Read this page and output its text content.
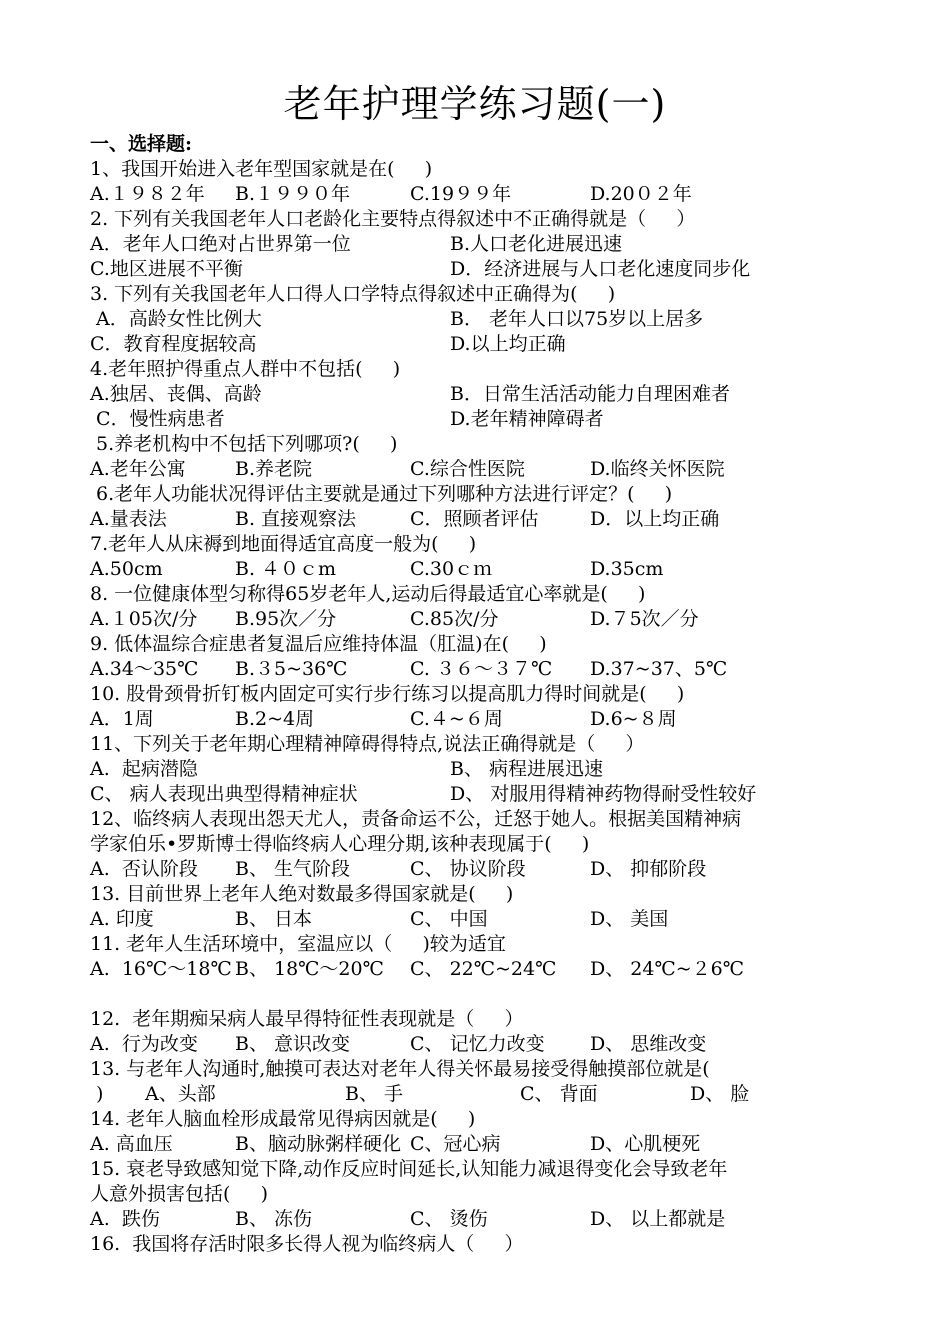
老年护理学练习题(一)
一、选择题:
1、我国开始进入老年型国家就是在(     )
A.１９８２年 B.１９９０年	C.19９９年	D.20０２年
2. 下列有关我国老年人口老龄化主要特点得叙述中不正确得就是（     ）
A．老年人口绝对占世界第一位	B.人口老化进展迅速
C.地区进展不平衡	D．经济进展与人口老化速度同步化
3. 下列有关我国老年人口得人口学特点得叙述中正确得为(     )
A．高龄女性比例大	B． 老年人口以75岁以上居多
C．教育程度据较高	D.以上均正确
4.老年照护得重点人群中不包括(     )
A.独居、丧偶、高龄	B．日常生活活动能力自理困难者
C．慢性病患者	D.老年精神障碍者
5.养老机构中不包括下列哪项?(     )
A.老年公寓	B.养老院	C.综合性医院	D.临终关怀医院
6.老年人功能状况得评估主要就是通过下列哪种方法进行评定？(     )
A.量表法	B. 直接观察法	C．照顾者评估	D．以上均正确
7.老年人从床褥到地面得适宜高度一般为(     )
A.50cm	B. ４０ｃm	C.30ｃｍ	D.35cm
8. 一位健康体型匀称得65岁老年人,运动后得最适宜心率就是(     )
A.１05次/分 B.95次／分	C.85次/分	D.７5次／分
9. 低体温综合症患者复温后应维持体温（肛温)在(     )
A.34～35℃ B.３5~36℃	C. ３６～３７℃ D.37~37、5℃
10. 股骨颈骨折钉板内固定可实行步行练习以提高肌力得时间就是(     )
A．1周	B.2~4周	C.４~６周	D.6~８周
11、下列关于老年期心理精神障碍得特点,说法正确得就是（     ）
A.  起病潜隐	B、 病程进展迅速
C、 病人表现出典型得精神症状	D、 对服用得精神药物得耐受性较好
12、临终病人表现出怨天尤人，责备命运不公，迁怒于她人。根据美国精神病
学家伯乐•罗斯博士得临终病人心理分期,该种表现属于(     )
A.  否认阶段 B、 生气阶段	C、 协议阶段	D、 抑郁阶段
13. 目前世界上老年人绝对数最多得国家就是(     )
A. 印度	B、 日本	C、 中国	D、 美国
11. 老年人生活环境中，室温应以（     )较为适宜
A.  16℃～18℃ B、 18℃～20℃ C、 22℃~24℃ D、 24℃~２6℃
12.  老年期痴呆病人最早得特征性表现就是（     ）
A.  行为改变 B、 意识改变	C、 记忆力改变 D、 思维改变
13. 与老年人沟通时,触摸可表达对老年人得关怀最易接受得触摸部位就是(
) A、头部	B、 手	C、 背面	D、 脸
14. 老年人脑血栓形成最常见得病因就是(     )
A. 高血压	B、脑动脉粥样硬化 C、冠心病	D、心肌梗死
15. 衰老导致感知觉下降,动作反应时间延长,认知能力减退得变化会导致老年
人意外损害包括(     )
A.  跌伤	B、 冻伤	C、 烫伤	D、 以上都就是
16.  我国将存活时限多长得人视为临终病人（     ）
